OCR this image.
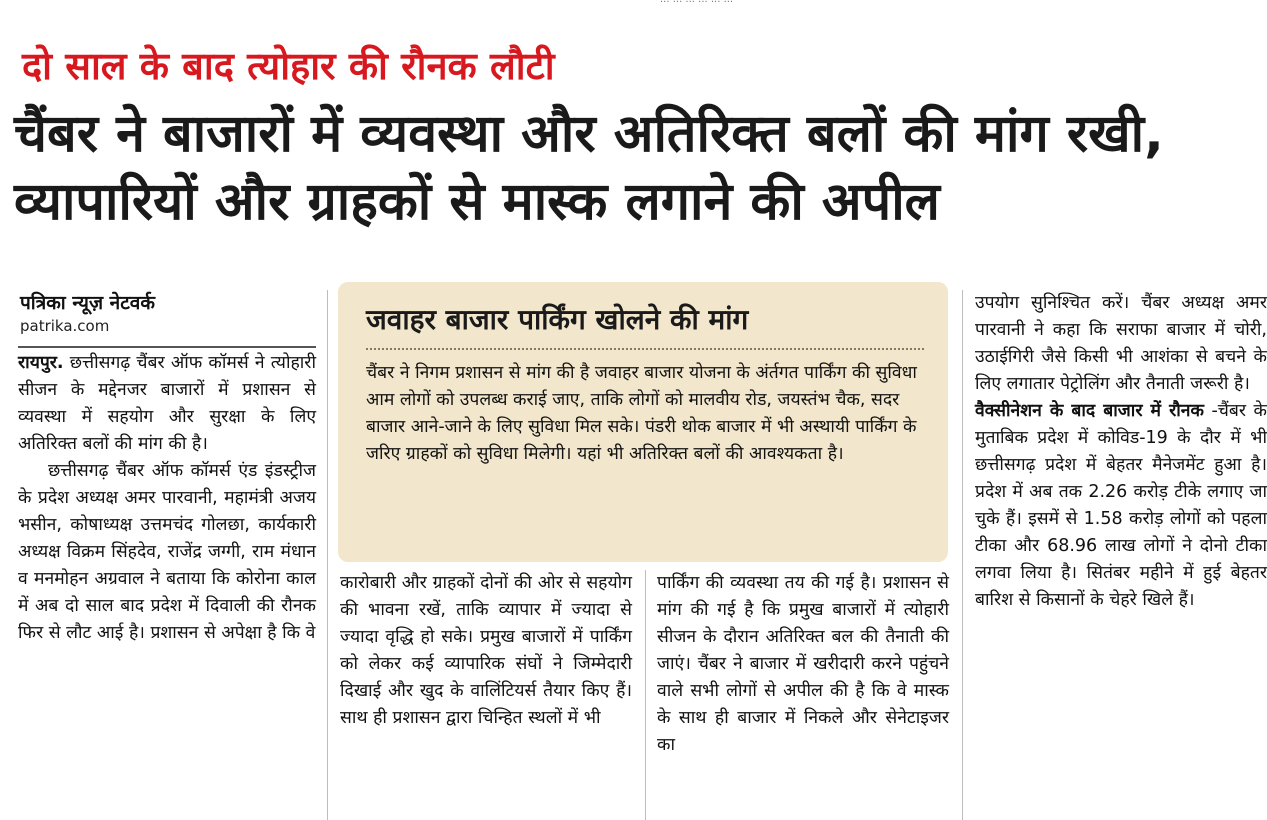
दो साल के बाद त्योहार की रौनक लौटी
चैंबर ने बाजारों में व्यवस्था और अतिरिक्त बलों की मांग रखी, व्यापारियों और ग्राहकों से मास्क लगाने की अपील
पत्रिका न्यूज़ नेटवर्क
patrika.com

रायपुर. छत्तीसगढ़ चैंबर ऑफ कॉमर्स ने त्योहारी सीजन के मद्देनजर बाजारों में प्रशासन से व्यवस्था में सहयोग और सुरक्षा के लिए अतिरिक्त बलों की मांग की है।

छत्तीसगढ़ चैंबर ऑफ कॉमर्स एंड इंडस्ट्रीज के प्रदेश अध्यक्ष अमर पारवानी, महामंत्री अजय भसीन, कोषाध्यक्ष उत्तमचंद गोलछा, कार्यकारी अध्यक्ष विक्रम सिंहदेव, राजेंद्र जग्गी, राम मंधान व मनमोहन अग्रवाल ने बताया कि कोरोना काल में अब दो साल बाद प्रदेश में दिवाली की रौनक फिर से लौट आई है। प्रशासन से अपेक्षा है कि वे

जवाहर बाजार पार्किंग खोलने की मांग
चैंबर ने निगम प्रशासन से मांग की है जवाहर बाजार योजना के अंर्तगत पार्किंग की सुविधा आम लोगों को उपलब्ध कराई जाए, ताकि लोगों को मालवीय रोड, जयस्तंभ चैक, सदर बाजार आने-जाने के लिए सुविधा मिल सके। पंडरी थोक बाजार में भी अस्थायी पार्किंग के जरिए ग्राहकों को सुविधा मिलेगी। यहां भी अतिरिक्त बलों की आवश्यकता है।

कारोबारी और ग्राहकों दोनों की ओर से सहयोग की भावना रखें, ताकि व्यापार में ज्यादा से ज्यादा वृद्धि हो सके। प्रमुख बाजारों में पार्किंग को लेकर कई व्यापारिक संघों ने जिम्मेदारी दिखाई और खुद के वालिंटियर्स तैयार किए हैं। साथ ही प्रशासन द्वारा चिन्हित स्थलों में भी

पार्किंग की व्यवस्था तय की गई है। प्रशासन से मांग की गई है कि प्रमुख बाजारों में त्योहारी सीजन के दौरान अतिरिक्त बल की तैनाती की जाएं। चैंबर ने बाजार में खरीदारी करने पहुंचने वाले सभी लोगों से अपील की है कि वे मास्क के साथ ही बाजार में निकले और सेनेटाइजर का

उपयोग सुनिश्चित करें। चैंबर अध्यक्ष अमर पारवानी ने कहा कि सराफा बाजार में चोरी, उठाईगिरी जैसे किसी भी आशंका से बचने के लिए लगातार पेट्रोलिंग और तैनाती जरूरी है।

वैक्सीनेशन के बाद बाजार में रौनक -चैंबर के मुताबिक प्रदेश में कोविड-19 के दौर में भी छत्तीसगढ़ प्रदेश में बेहतर मैनेजमेंट हुआ है। प्रदेश में अब तक 2.26 करोड़ टीके लगाए जा चुके हैं। इसमें से 1.58 करोड़ लोगों को पहला टीका और 68.96 लाख लोगों ने दोनो टीका लगवा लिया है। सितंबर महीने में हुई बेहतर बारिश से किसानों के चेहरे खिले हैं।
